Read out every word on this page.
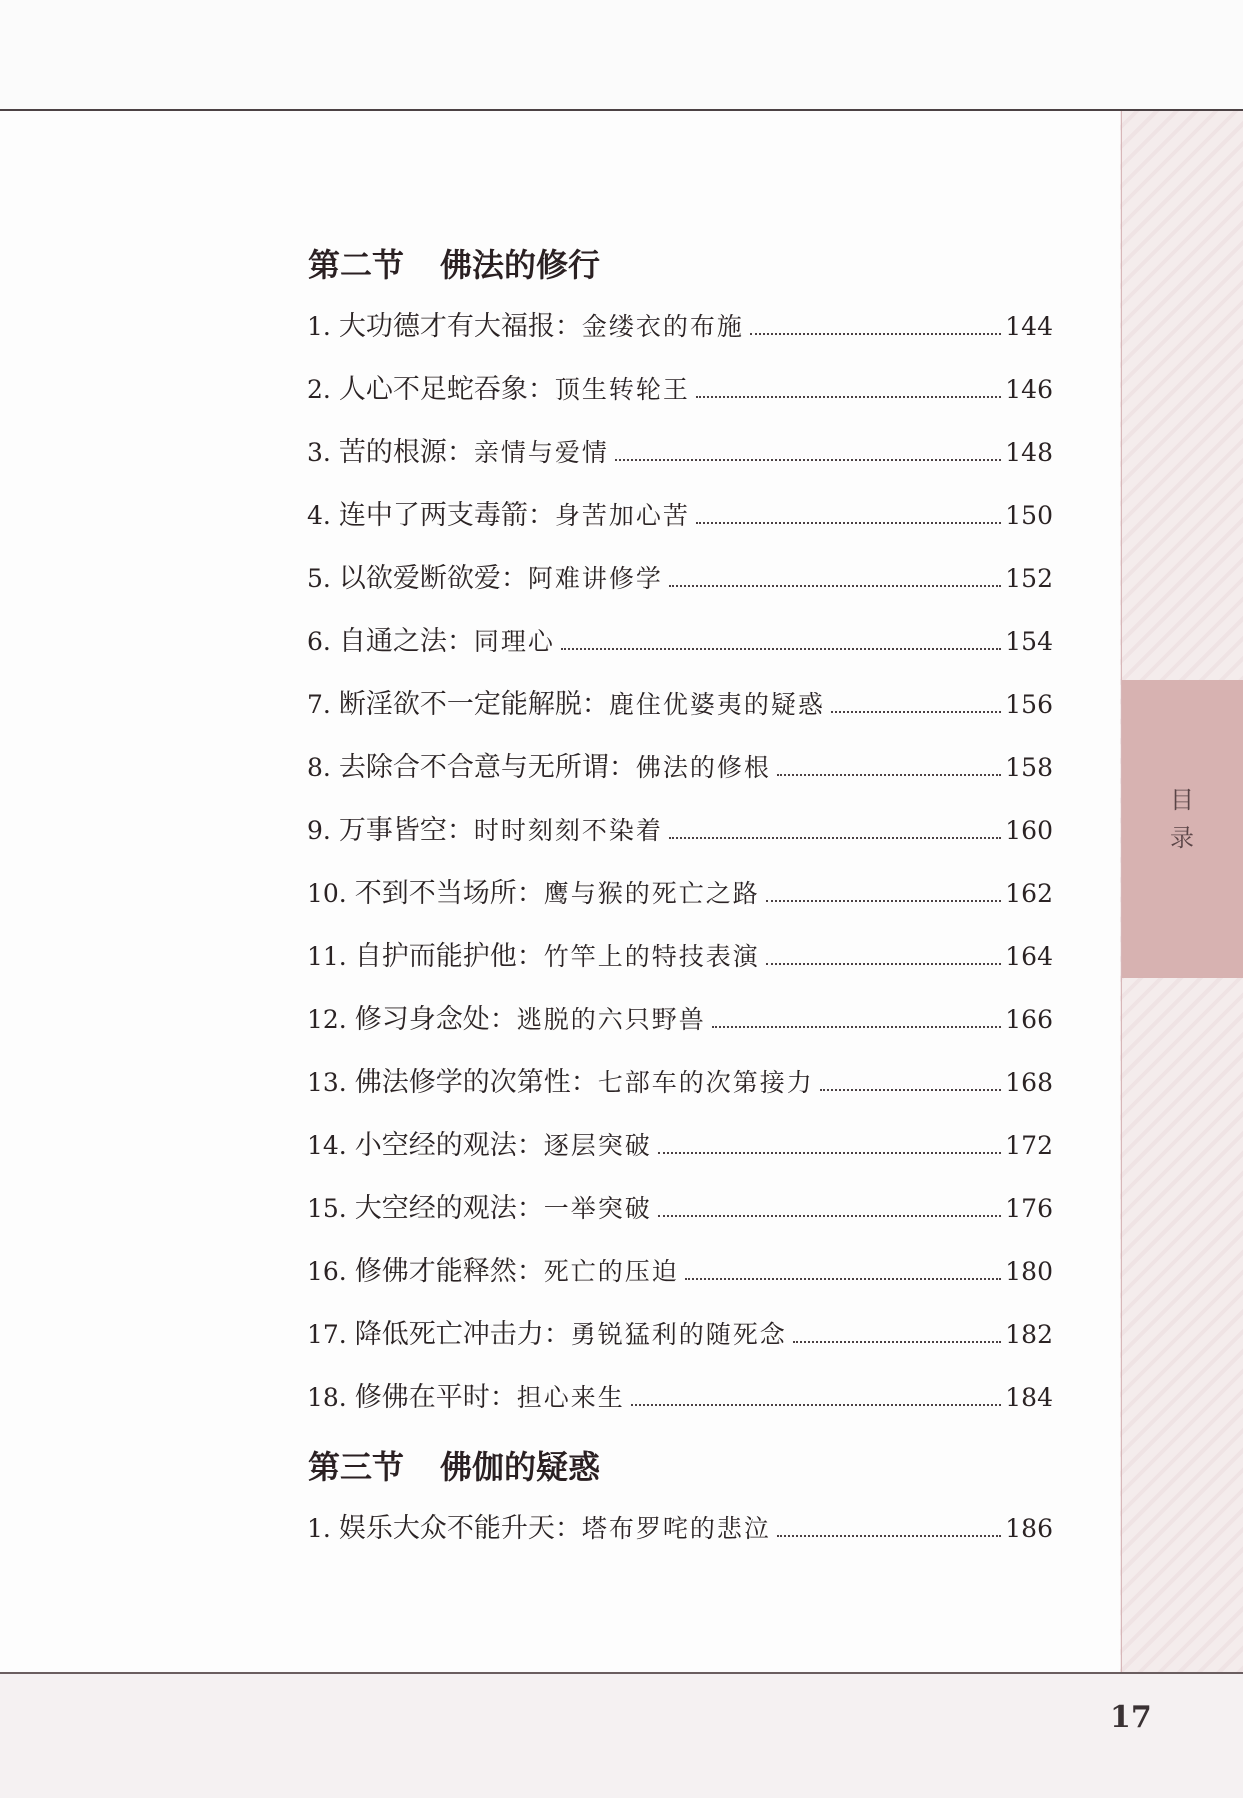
目
录
第二节 佛法的修行
1. 大功德才有大福报： 金缕衣的布施	144
2. 人心不足蛇吞象： 顶生转轮王	146
3. 苦的根源： 亲情与爱情	148
4. 连中了两支毒箭： 身苦加心苦	150
5. 以欲爱断欲爱： 阿难讲修学	152
6. 自通之法： 同理心	154
7. 断淫欲不一定能解脱： 鹿住优婆夷的疑惑	156
8. 去除合不合意与无所谓： 佛法的修根	158
9. 万事皆空： 时时刻刻不染着	160
10. 不到不当场所： 鹰与猴的死亡之路	162
11. 自护而能护他： 竹竿上的特技表演	164
12. 修习身念处： 逃脱的六只野兽	166
13. 佛法修学的次第性： 七部车的次第接力	168
14. 小空经的观法： 逐层突破	172
15. 大空经的观法： 一举突破	176
16. 修佛才能释然： 死亡的压迫	180
17. 降低死亡冲击力： 勇锐猛利的随死念	182
18. 修佛在平时： 担心来生	184
第三节 佛伽的疑惑
1. 娱乐大众不能升天： 塔布罗咤的悲泣	186
17
